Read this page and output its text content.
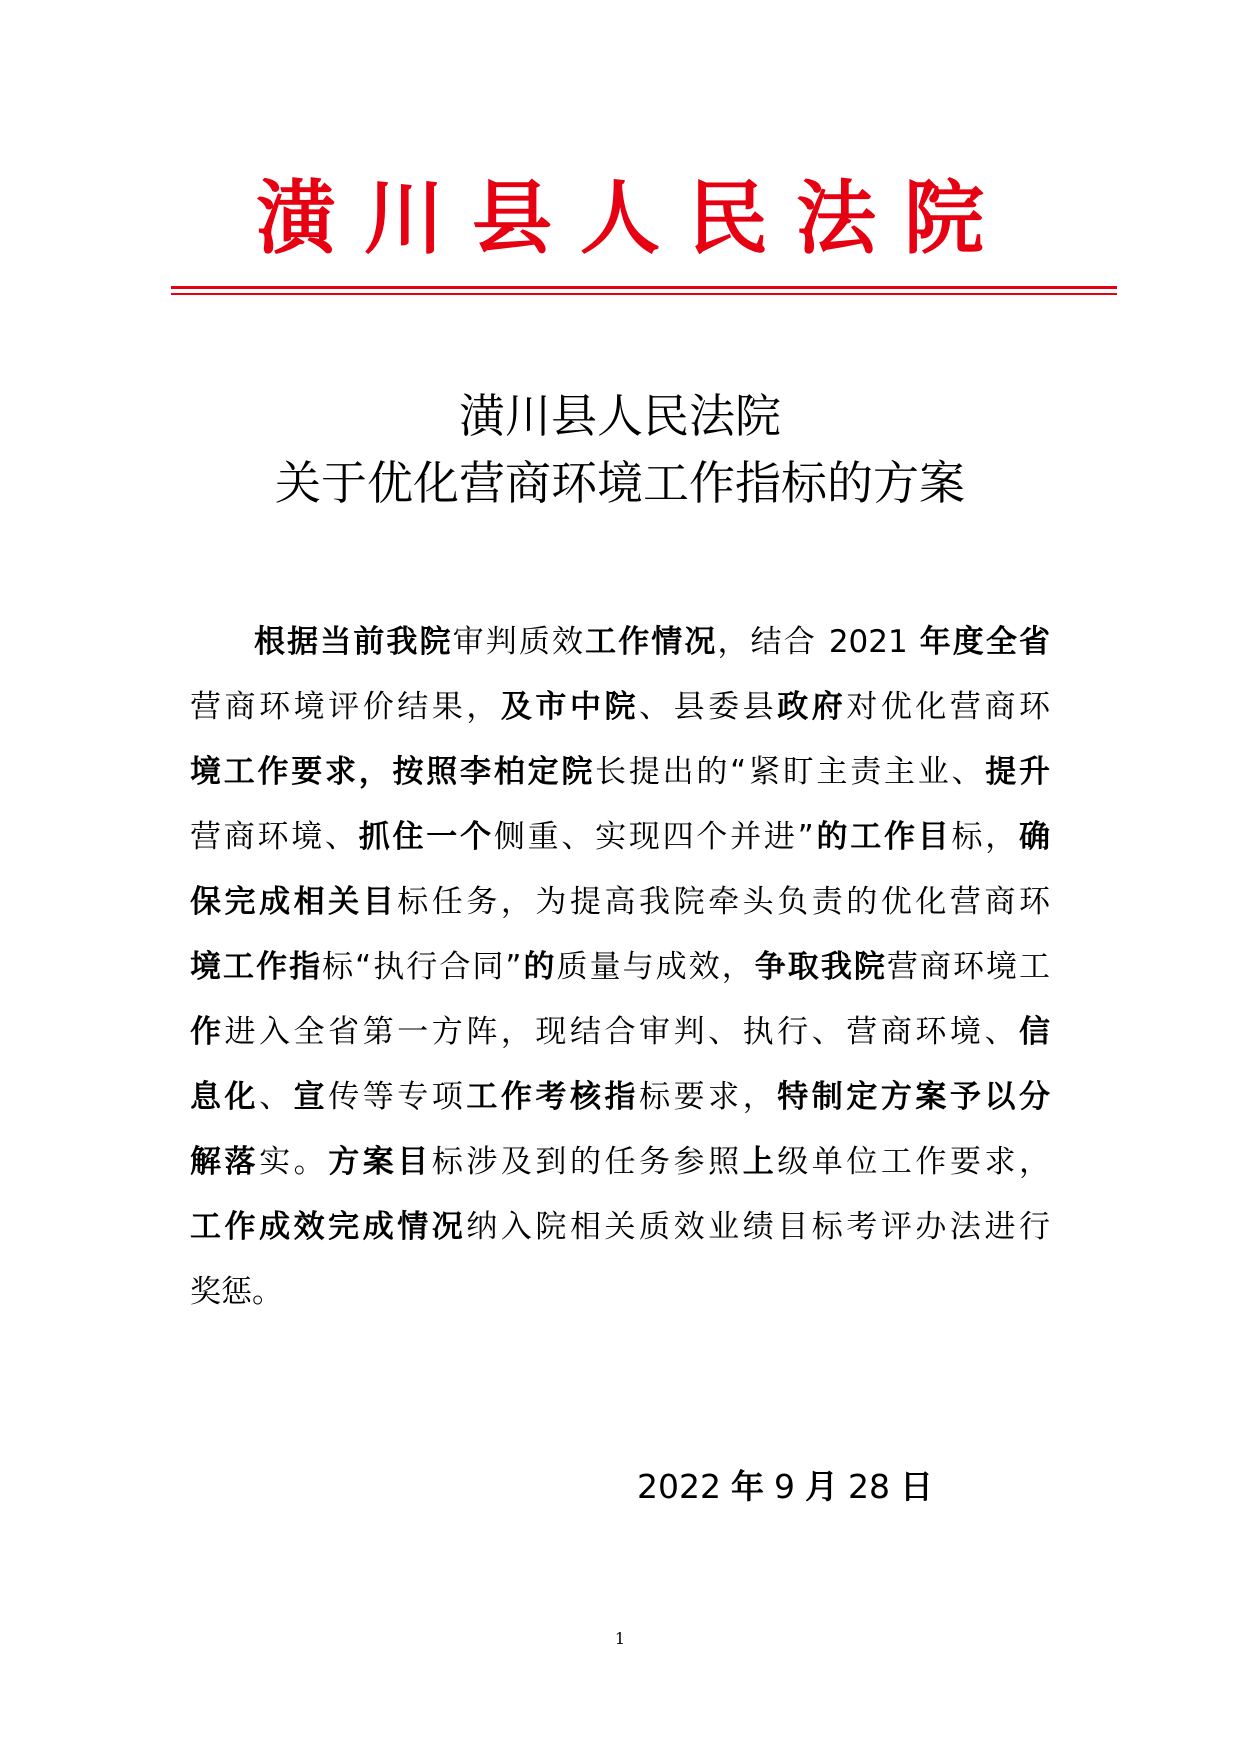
潢川县人民法院
潢川县人民法院
关于优化营商环境工作指标的方案
根据当前我院审判质效工作情况，结合 2021 年度全省
营商环境评价结果，及市中院、县委县政府对优化营商环
境工作要求，按照李柏定院长提出的“紧盯主责主业、提升
营商环境、抓住一个侧重、实现四个并进”的工作目标，确
保完成相关目标任务，为提高我院牵头负责的优化营商环
境工作指标“执行合同”的质量与成效，争取我院营商环境工
作进入全省第一方阵，现结合审判、执行、营商环境、信
息化、宣传等专项工作考核指标要求，特制定方案予以分
解落实。方案目标涉及到的任务参照上级单位工作要求，
工作成效完成情况纳入院相关质效业绩目标考评办法进行
奖惩。
2022 年 9 月 28 日
1
